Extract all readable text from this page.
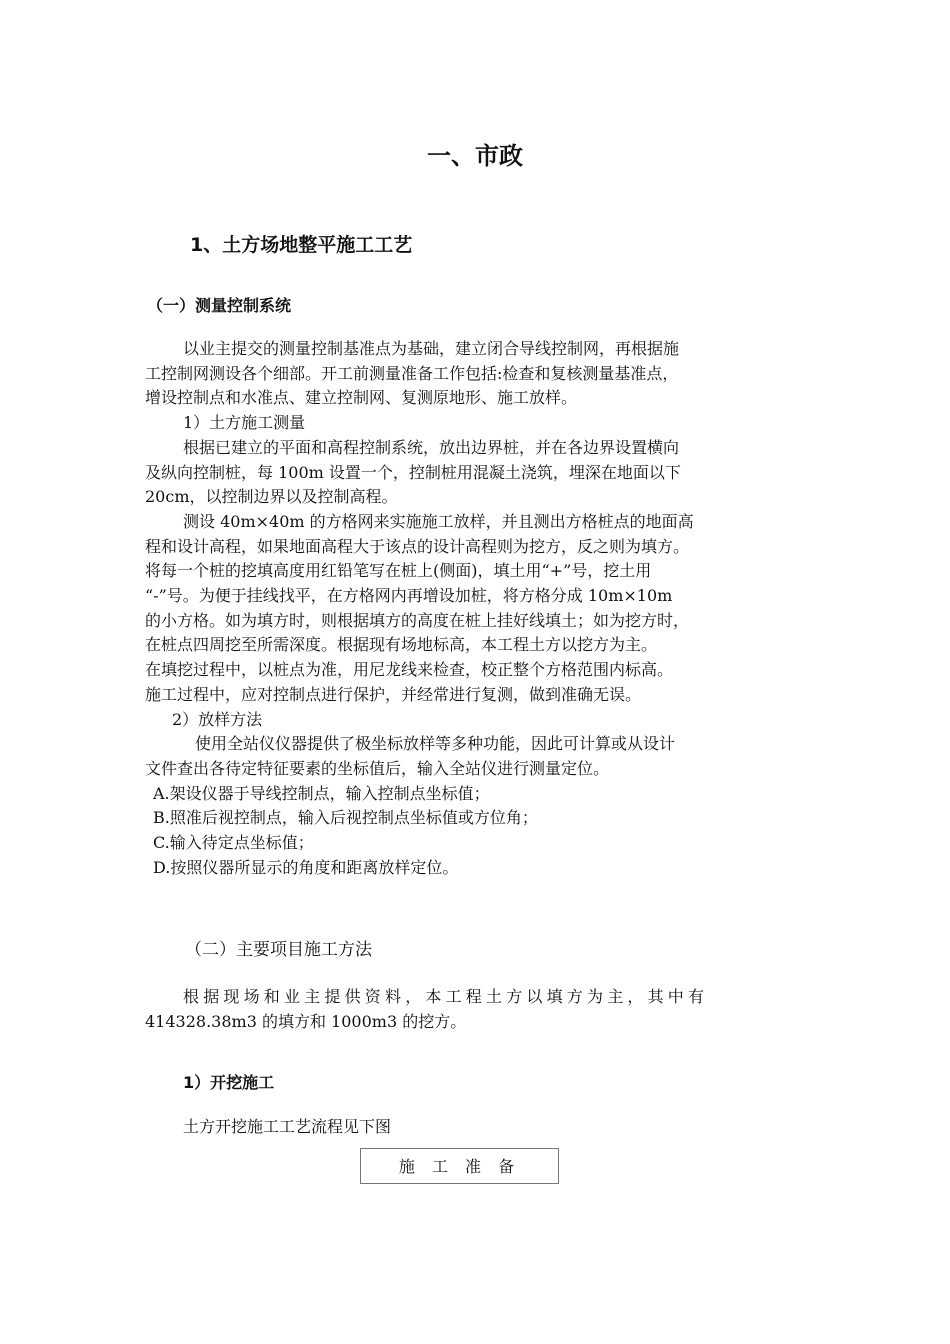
一、市政
1、土方场地整平施工工艺
（一）测量控制系统
以业主提交的测量控制基准点为基础，建立闭合导线控制网，再根据施
工控制网测设各个细部。开工前测量准备工作包括:检查和复核测量基准点，
增设控制点和水准点、建立控制网、复测原地形、施工放样。
1）土方施工测量
根据已建立的平面和高程控制系统，放出边界桩，并在各边界设置横向
及纵向控制桩，每 100m 设置一个，控制桩用混凝土浇筑，埋深在地面以下
20cm，以控制边界以及控制高程。
测设 40m×40m 的方格网来实施施工放样，并且测出方格桩点的地面高
程和设计高程，如果地面高程大于该点的设计高程则为挖方，反之则为填方。
将每一个桩的挖填高度用红铅笔写在桩上(侧面)，填土用“+”号，挖土用
“-”号。为便于挂线找平，在方格网内再增设加桩，将方格分成 10m×10m
的小方格。如为填方时，则根据填方的高度在桩上挂好线填土；如为挖方时，
在桩点四周挖至所需深度。根据现有场地标高，本工程土方以挖方为主。
在填挖过程中，以桩点为准，用尼龙线来检查，校正整个方格范围内标高。
施工过程中，应对控制点进行保护，并经常进行复测，做到准确无误。
2）放样方法
使用全站仪仪器提供了极坐标放样等多种功能，因此可计算或从设计
文件查出各待定特征要素的坐标值后，输入全站仪进行测量定位。
A.架设仪器于导线控制点，输入控制点坐标值；
B.照准后视控制点，输入后视控制点坐标值或方位角；
C.输入待定点坐标值；
D.按照仪器所显示的角度和距离放样定位。
（二）主要项目施工方法
根据现场和业主提供资料，本工程土方以填方为主，其中有
414328.38m3 的填方和 1000m3 的挖方。
1）开挖施工
土方开挖施工工艺流程见下图
施 工 准 备
